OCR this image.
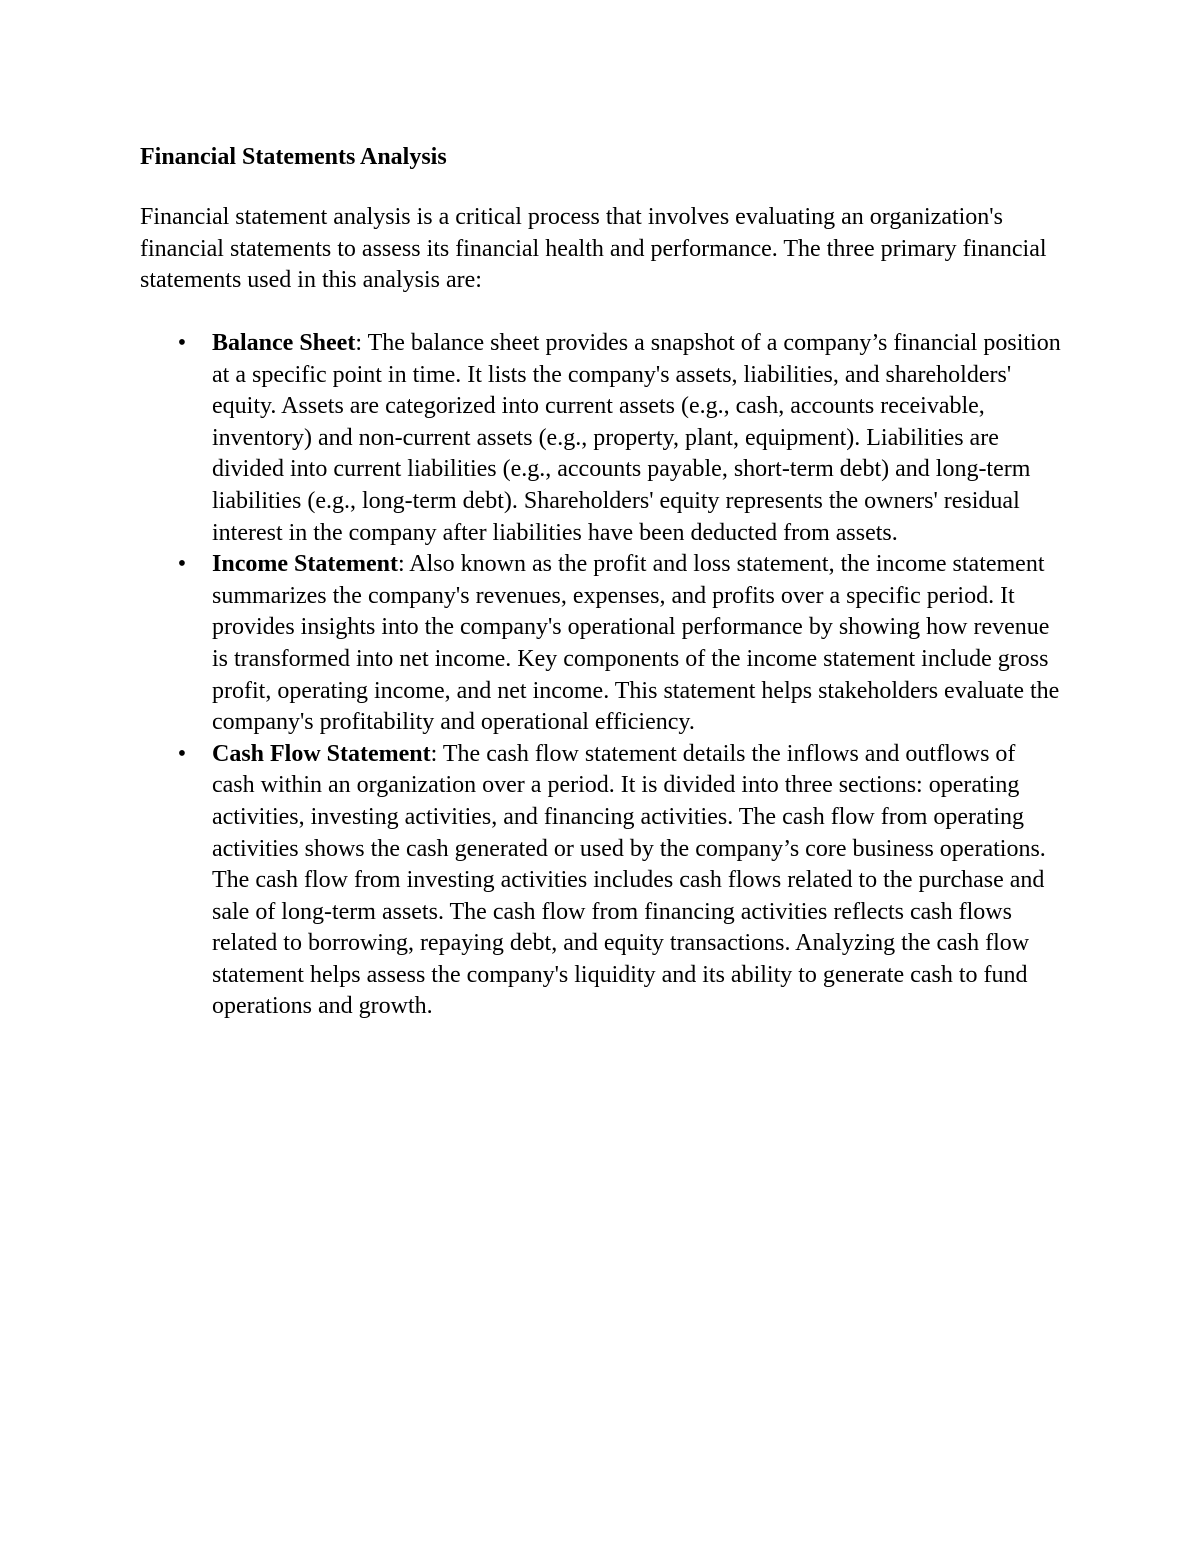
Financial Statements Analysis

Financial statement analysis is a critical process that involves evaluating an organization's financial statements to assess its financial health and performance. The three primary financial statements used in this analysis are:

• Balance Sheet: The balance sheet provides a snapshot of a company’s financial position at a specific point in time. It lists the company's assets, liabilities, and shareholders' equity. Assets are categorized into current assets (e.g., cash, accounts receivable, inventory) and non-current assets (e.g., property, plant, equipment). Liabilities are divided into current liabilities (e.g., accounts payable, short-term debt) and long-term liabilities (e.g., long-term debt). Shareholders' equity represents the owners' residual interest in the company after liabilities have been deducted from assets.
• Income Statement: Also known as the profit and loss statement, the income statement summarizes the company's revenues, expenses, and profits over a specific period. It provides insights into the company's operational performance by showing how revenue is transformed into net income. Key components of the income statement include gross profit, operating income, and net income. This statement helps stakeholders evaluate the company's profitability and operational efficiency.
• Cash Flow Statement: The cash flow statement details the inflows and outflows of cash within an organization over a period. It is divided into three sections: operating activities, investing activities, and financing activities. The cash flow from operating activities shows the cash generated or used by the company’s core business operations. The cash flow from investing activities includes cash flows related to the purchase and sale of long-term assets. The cash flow from financing activities reflects cash flows related to borrowing, repaying debt, and equity transactions. Analyzing the cash flow statement helps assess the company's liquidity and its ability to generate cash to fund operations and growth.
